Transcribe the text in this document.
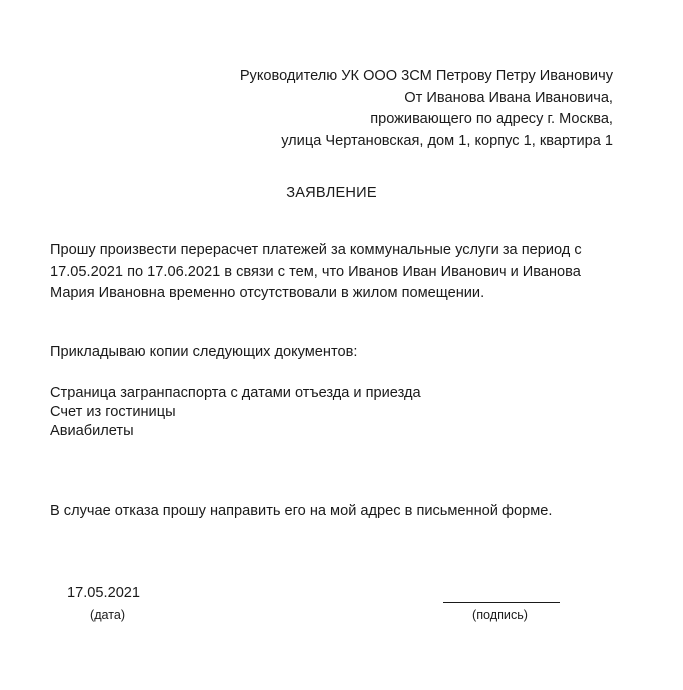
Руководителю УК ООО 3СМ Петрову Петру Ивановичу
От Иванова Ивана Ивановича,
проживающего по адресу г. Москва,
улица Чертановская, дом 1, корпус 1, квартира 1
ЗАЯВЛЕНИЕ
Прошу произвести перерасчет платежей за коммунальные услуги за период с 17.05.2021 по 17.06.2021 в связи с тем, что Иванов Иван Иванович и Иванова Мария Ивановна временно отсутствовали в жилом помещении.
Прикладываю копии следующих документов:
Страница загранпаспорта с датами отъезда и приезда
Счет из гостиницы
Авиабилеты
В случае отказа прошу направить его на мой адрес в письменной форме.
17.05.2021
(дата)	(подпись)
